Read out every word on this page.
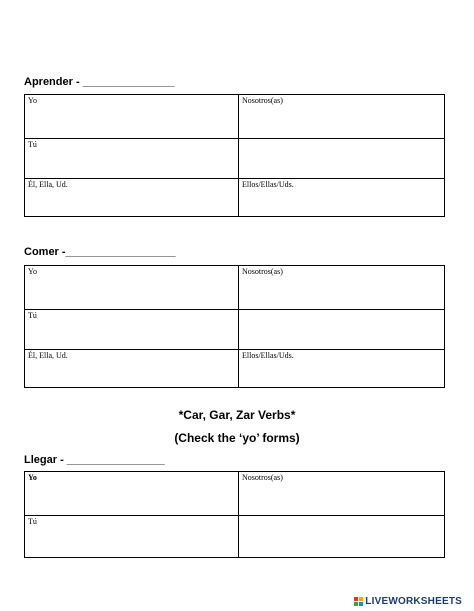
Aprender - _______________
Yo	Nosotros(as)
Tú	
Él, Ella, Ud.	Ellos/Ellas/Uds.
Comer -__________________
Yo	Nosotros(as)
Tú	
Él, Ella, Ud.	Ellos/Ellas/Uds.
*Car, Gar, Zar Verbs*
(Check the ‘yo’ forms)
Llegar - ________________
Yo	Nosotros(as)
Tú	
LIVEWORKSHEETS
